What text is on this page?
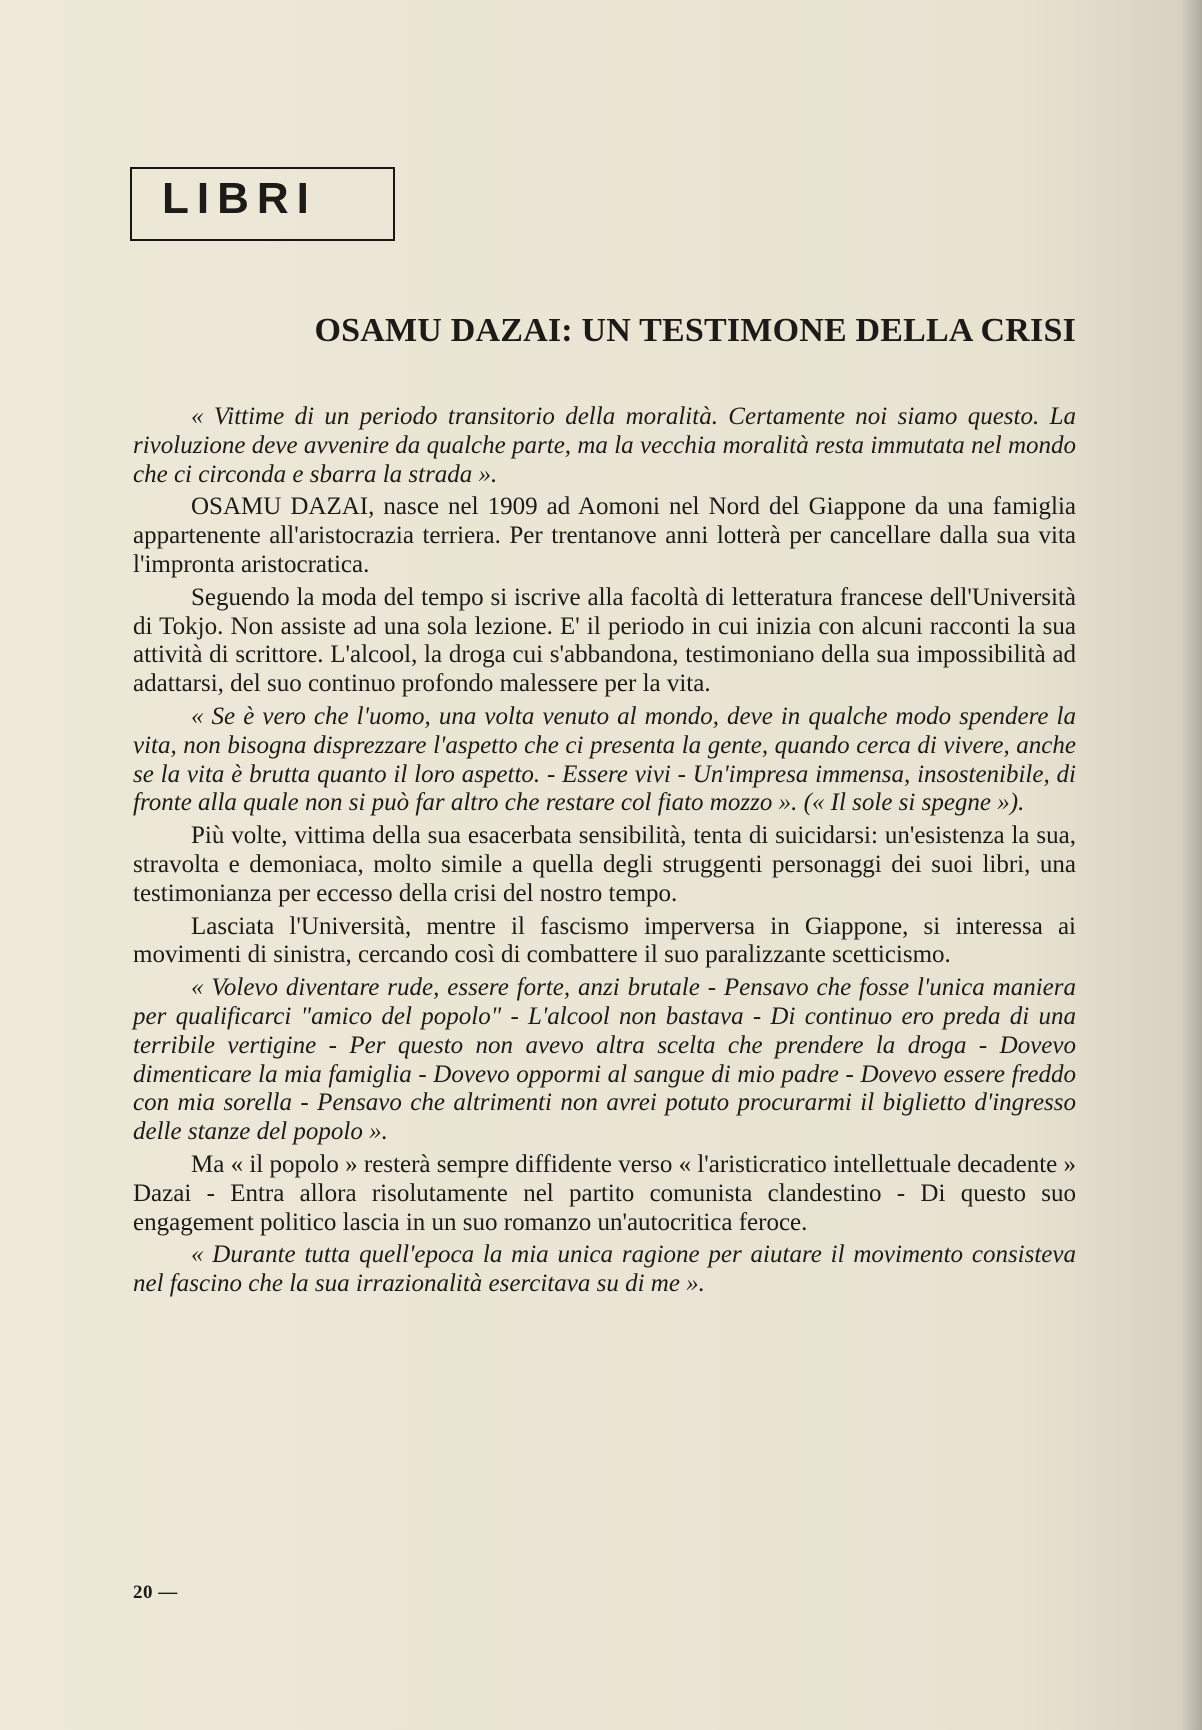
LIBRI
OSAMU DAZAI: UN TESTIMONE DELLA CRISI

« Vittime di un periodo transitorio della moralità. Certamente noi siamo questo. La rivoluzione deve avvenire da qualche parte, ma la vecchia moralità resta immutata nel mondo che ci circonda e sbarra la strada ».

OSAMU DAZAI, nasce nel 1909 ad Aomoni nel Nord del Giappone da una famiglia appartenente all'aristocrazia terriera. Per trentanove anni lotterà per cancellare dalla sua vita l'impronta aristocratica.

Seguendo la moda del tempo si iscrive alla facoltà di letteratura francese dell'Università di Tokjo. Non assiste ad una sola lezione. E' il periodo in cui inizia con alcuni racconti la sua attività di scrittore. L'alcool, la droga cui s'abbandona, testimoniano della sua impossibilità ad adattarsi, del suo continuo profondo malessere per la vita.

« Se è vero che l'uomo, una volta venuto al mondo, deve in qualche modo spendere la vita, non bisogna disprezzare l'aspetto che ci presenta la gente, quando cerca di vivere, anche se la vita è brutta quanto il loro aspetto. - Essere vivi - Un'impresa immensa, insostenibile, di fronte alla quale non si può far altro che restare col fiato mozzo ». (« Il sole si spegne »).

Più volte, vittima della sua esacerbata sensibilità, tenta di suicidarsi: un'esistenza la sua, stravolta e demoniaca, molto simile a quella degli struggenti personaggi dei suoi libri, una testimonianza per eccesso della crisi del nostro tempo.

Lasciata l'Università, mentre il fascismo imperversa in Giappone, si interessa ai movimenti di sinistra, cercando così di combattere il suo paralizzante scetticismo.

« Volevo diventare rude, essere forte, anzi brutale - Pensavo che fosse l'unica maniera per qualificarci "amico del popolo" - L'alcool non bastava - Di continuo ero preda di una terribile vertigine - Per questo non avevo altra scelta che prendere la droga - Dovevo dimenticare la mia famiglia - Dovevo oppormi al sangue di mio padre - Dovevo essere freddo con mia sorella - Pensavo che altrimenti non avrei potuto procurarmi il biglietto d'ingresso delle stanze del popolo ».

Ma « il popolo » resterà sempre diffidente verso « l'aristicratico intellettuale decadente » Dazai - Entra allora risolutamente nel partito comunista clandestino - Di questo suo engagement politico lascia in un suo romanzo un'autocritica feroce.

« Durante tutta quell'epoca la mia unica ragione per aiutare il movimento consisteva nel fascino che la sua irrazionalità esercitava su di me ».

20 —
